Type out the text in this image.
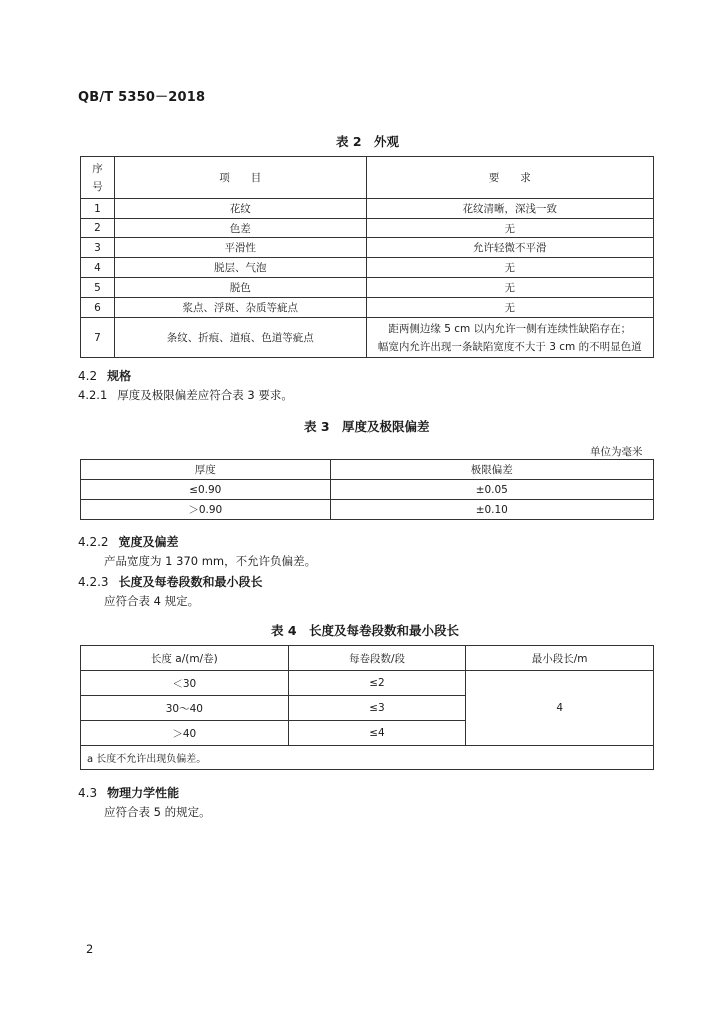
QB/T 5350－2018
表 2　外观
序号	项　　目	要　　求
1	花纹	花纹清晰，深浅一致
2	色差	无
3	平滑性	允许轻微不平滑
4	脱层、气泡	无
5	脱色	无
6	浆点、浮斑、杂质等疵点	无
7	条纹、折痕、道痕、色道等疵点	距两侧边缘 5 cm 以内允许一侧有连续性缺陷存在；
幅宽内允许出现一条缺陷宽度不大于 3 cm 的不明显色道
4.2 规格
4.2.1 厚度及极限偏差应符合表 3 要求。
表 3　厚度及极限偏差
单位为毫米
厚度	极限偏差
≤0.90	±0.05
＞0.90	±0.10
4.2.2 宽度及偏差
产品宽度为 1 370 mm，不允许负偏差。
4.2.3 长度及每卷段数和最小段长
应符合表 4 规定。
表 4　长度及每卷段数和最小段长
长度 a/(m/卷)	每卷段数/段	最小段长/m
＜30	≤2	4
30～40	≤3	
＞40	≤4	
a 长度不允许出现负偏差。		
4.3 物理力学性能
应符合表 5 的规定。
2
